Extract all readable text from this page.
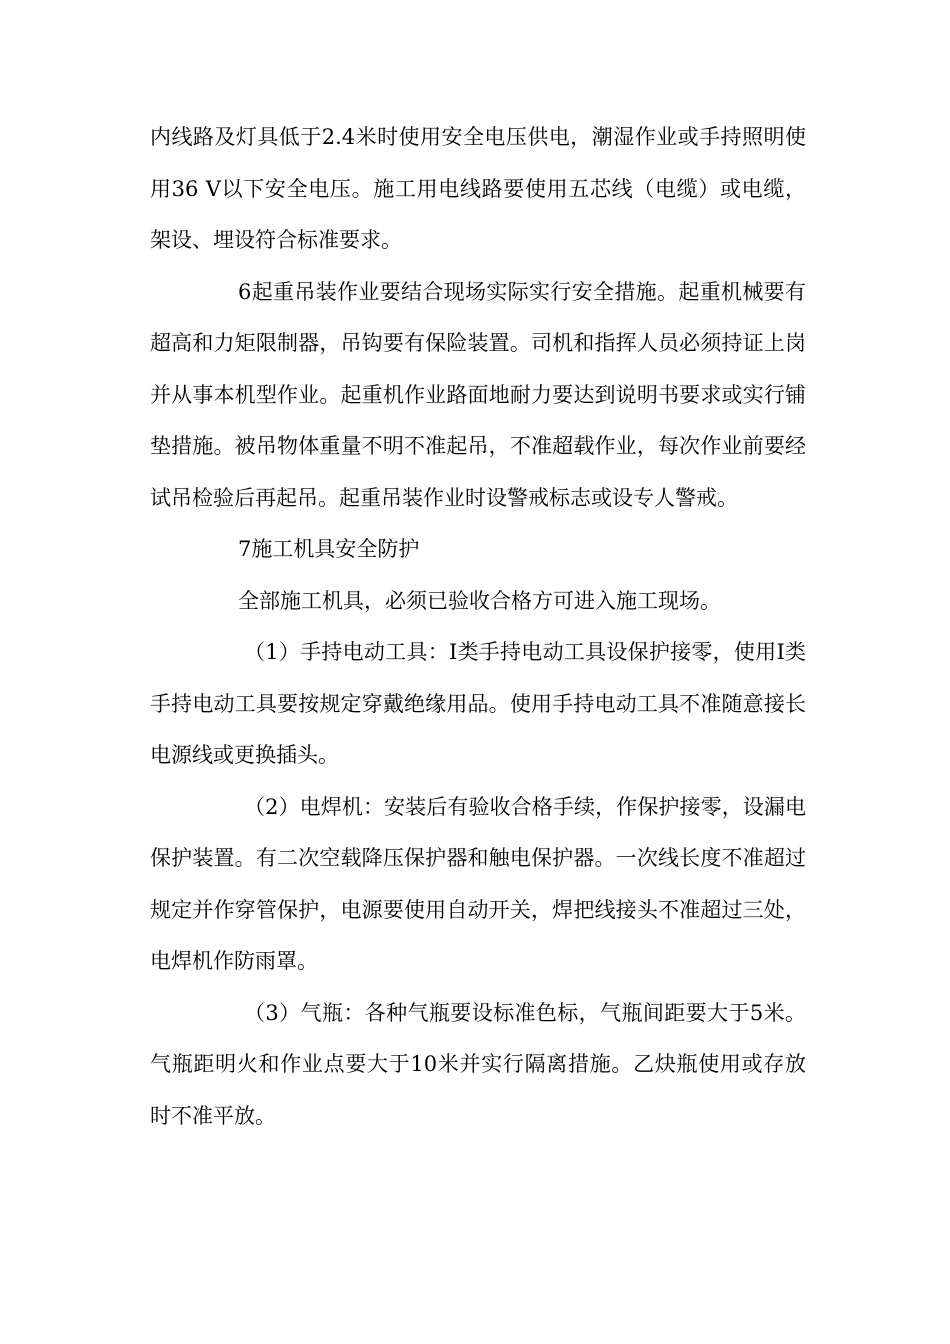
内线路及灯具低于2.4米时使用安全电压供电，潮湿作业或手持照明使用36 V以下安全电压。施工用电线路要使用五芯线（电缆）或电缆，架设、埋设符合标准要求。

6起重吊装作业要结合现场实际实行安全措施。起重机械要有超高和力矩限制器，吊钩要有保险装置。司机和指挥人员必须持证上岗并从事本机型作业。起重机作业路面地耐力要达到说明书要求或实行铺垫措施。被吊物体重量不明不准起吊，不准超载作业，每次作业前要经试吊检验后再起吊。起重吊装作业时设警戒标志或设专人警戒。

7施工机具安全防护

全部施工机具，必须已验收合格方可进入施工现场。

（1）手持电动工具：I类手持电动工具设保护接零，使用I类手持电动工具要按规定穿戴绝缘用品。使用手持电动工具不准随意接长电源线或更换插头。

（2）电焊机：安装后有验收合格手续，作保护接零，设漏电保护装置。有二次空载降压保护器和触电保护器。一次线长度不准超过规定并作穿管保护，电源要使用自动开关，焊把线接头不准超过三处，电焊机作防雨罩。

（3）气瓶：各种气瓶要设标准色标，气瓶间距要大于5米。气瓶距明火和作业点要大于10米并实行隔离措施。乙炔瓶使用或存放时不准平放。
